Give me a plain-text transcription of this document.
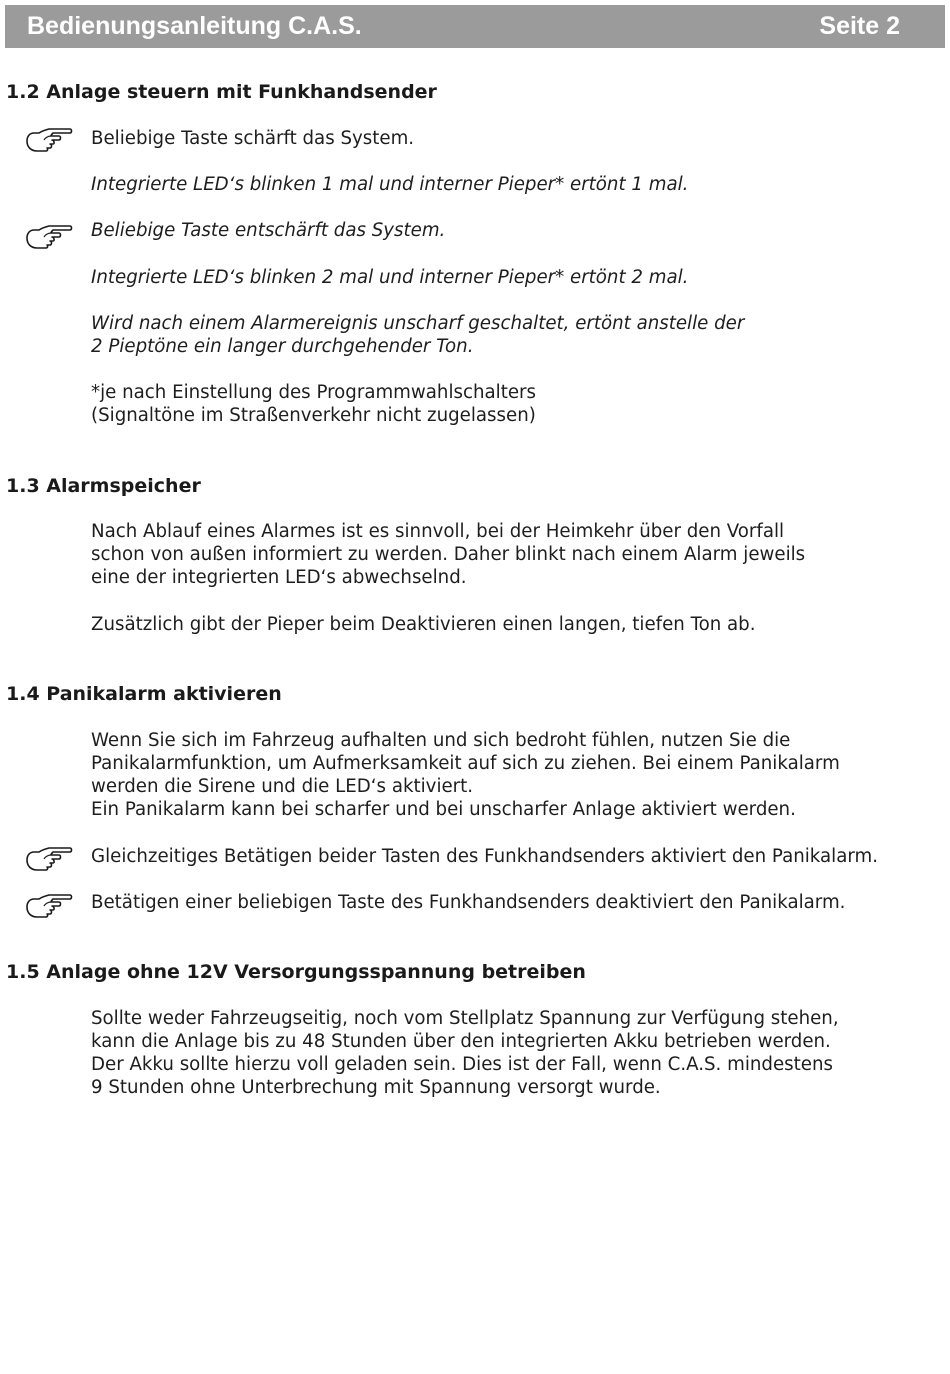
Bedienungsanleitung C.A.S.	Seite 2
1.2 Anlage steuern mit Funkhandsender

Beliebige Taste schärft das System.

Integrierte LED‘s blinken 1 mal und interner Pieper* ertönt 1 mal.

Beliebige Taste entschärft das System.

Integrierte LED‘s blinken 2 mal und interner Pieper* ertönt 2 mal.

Wird nach einem Alarmereignis unscharf geschaltet, ertönt anstelle der

2 Pieptöne ein langer durchgehender Ton.

*je nach Einstellung des Programmwahlschalters

(Signaltöne im Straßenverkehr nicht zugelassen)

1.3 Alarmspeicher

Nach Ablauf eines Alarmes ist es sinnvoll, bei der Heimkehr über den Vorfall

schon von außen informiert zu werden. Daher blinkt nach einem Alarm jeweils

eine der integrierten LED‘s abwechselnd.

Zusätzlich gibt der Pieper beim Deaktivieren einen langen, tiefen Ton ab.

1.4 Panikalarm aktivieren

Wenn Sie sich im Fahrzeug aufhalten und sich bedroht fühlen, nutzen Sie die

Panikalarmfunktion, um Aufmerksamkeit auf sich zu ziehen. Bei einem Panikalarm

werden die Sirene und die LED‘s aktiviert.

Ein Panikalarm kann bei scharfer und bei unscharfer Anlage aktiviert werden.

Gleichzeitiges Betätigen beider Tasten des Funkhandsenders aktiviert den Panikalarm.

Betätigen einer beliebigen Taste des Funkhandsenders deaktiviert den Panikalarm.

1.5 Anlage ohne 12V Versorgungsspannung betreiben

Sollte weder Fahrzeugseitig, noch vom Stellplatz Spannung zur Verfügung stehen,

kann die Anlage bis zu 48 Stunden über den integrierten Akku betrieben werden.

Der Akku sollte hierzu voll geladen sein. Dies ist der Fall, wenn C.A.S. mindestens

9 Stunden ohne Unterbrechung mit Spannung versorgt wurde.
